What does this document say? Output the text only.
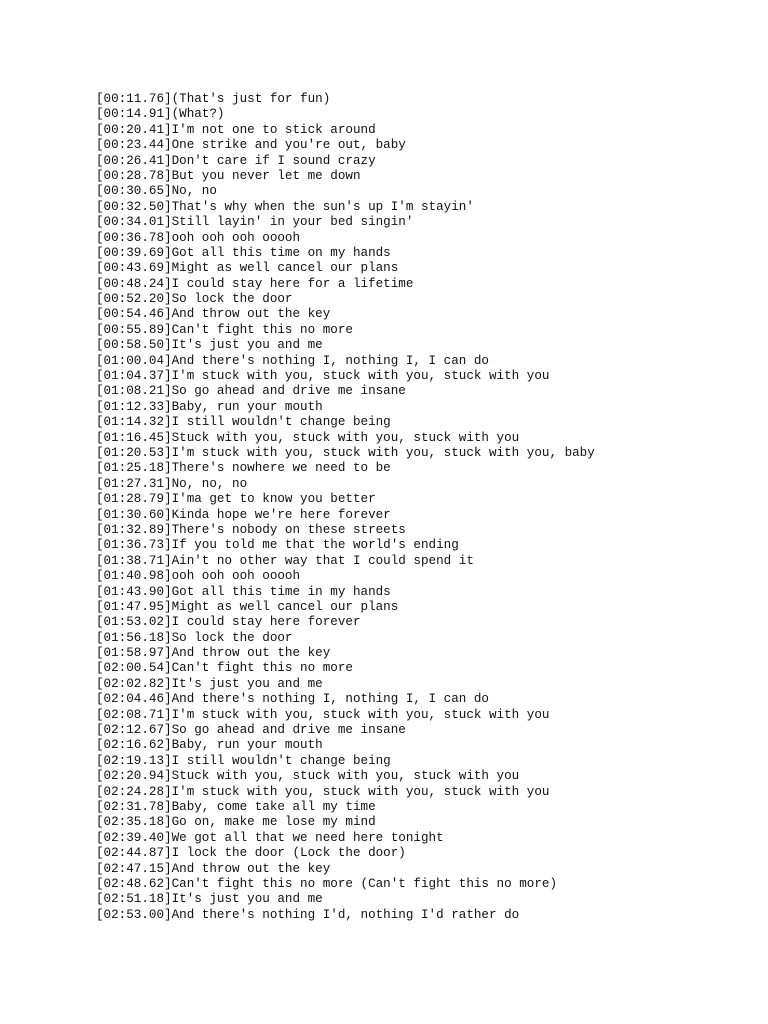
[00:11.76](That's just for fun)
[00:14.91](What?)
[00:20.41]I'm not one to stick around
[00:23.44]One strike and you're out, baby
[00:26.41]Don't care if I sound crazy
[00:28.78]But you never let me down
[00:30.65]No, no
[00:32.50]That's why when the sun's up I'm stayin'
[00:34.01]Still layin' in your bed singin'
[00:36.78]ooh ooh ooh ooooh
[00:39.69]Got all this time on my hands
[00:43.69]Might as well cancel our plans
[00:48.24]I could stay here for a lifetime
[00:52.20]So lock the door
[00:54.46]And throw out the key
[00:55.89]Can't fight this no more
[00:58.50]It's just you and me
[01:00.04]And there's nothing I, nothing I, I can do
[01:04.37]I'm stuck with you, stuck with you, stuck with you
[01:08.21]So go ahead and drive me insane
[01:12.33]Baby, run your mouth
[01:14.32]I still wouldn't change being
[01:16.45]Stuck with you, stuck with you, stuck with you
[01:20.53]I'm stuck with you, stuck with you, stuck with you, baby
[01:25.18]There's nowhere we need to be
[01:27.31]No, no, no
[01:28.79]I'ma get to know you better
[01:30.60]Kinda hope we're here forever
[01:32.89]There's nobody on these streets
[01:36.73]If you told me that the world's ending
[01:38.71]Ain't no other way that I could spend it
[01:40.98]ooh ooh ooh ooooh
[01:43.90]Got all this time in my hands
[01:47.95]Might as well cancel our plans
[01:53.02]I could stay here forever
[01:56.18]So lock the door
[01:58.97]And throw out the key
[02:00.54]Can't fight this no more
[02:02.82]It's just you and me
[02:04.46]And there's nothing I, nothing I, I can do
[02:08.71]I'm stuck with you, stuck with you, stuck with you
[02:12.67]So go ahead and drive me insane
[02:16.62]Baby, run your mouth
[02:19.13]I still wouldn't change being
[02:20.94]Stuck with you, stuck with you, stuck with you
[02:24.28]I'm stuck with you, stuck with you, stuck with you
[02:31.78]Baby, come take all my time
[02:35.18]Go on, make me lose my mind
[02:39.40]We got all that we need here tonight
[02:44.87]I lock the door (Lock the door)
[02:47.15]And throw out the key
[02:48.62]Can't fight this no more (Can't fight this no more)
[02:51.18]It's just you and me
[02:53.00]And there's nothing I'd, nothing I'd rather do
